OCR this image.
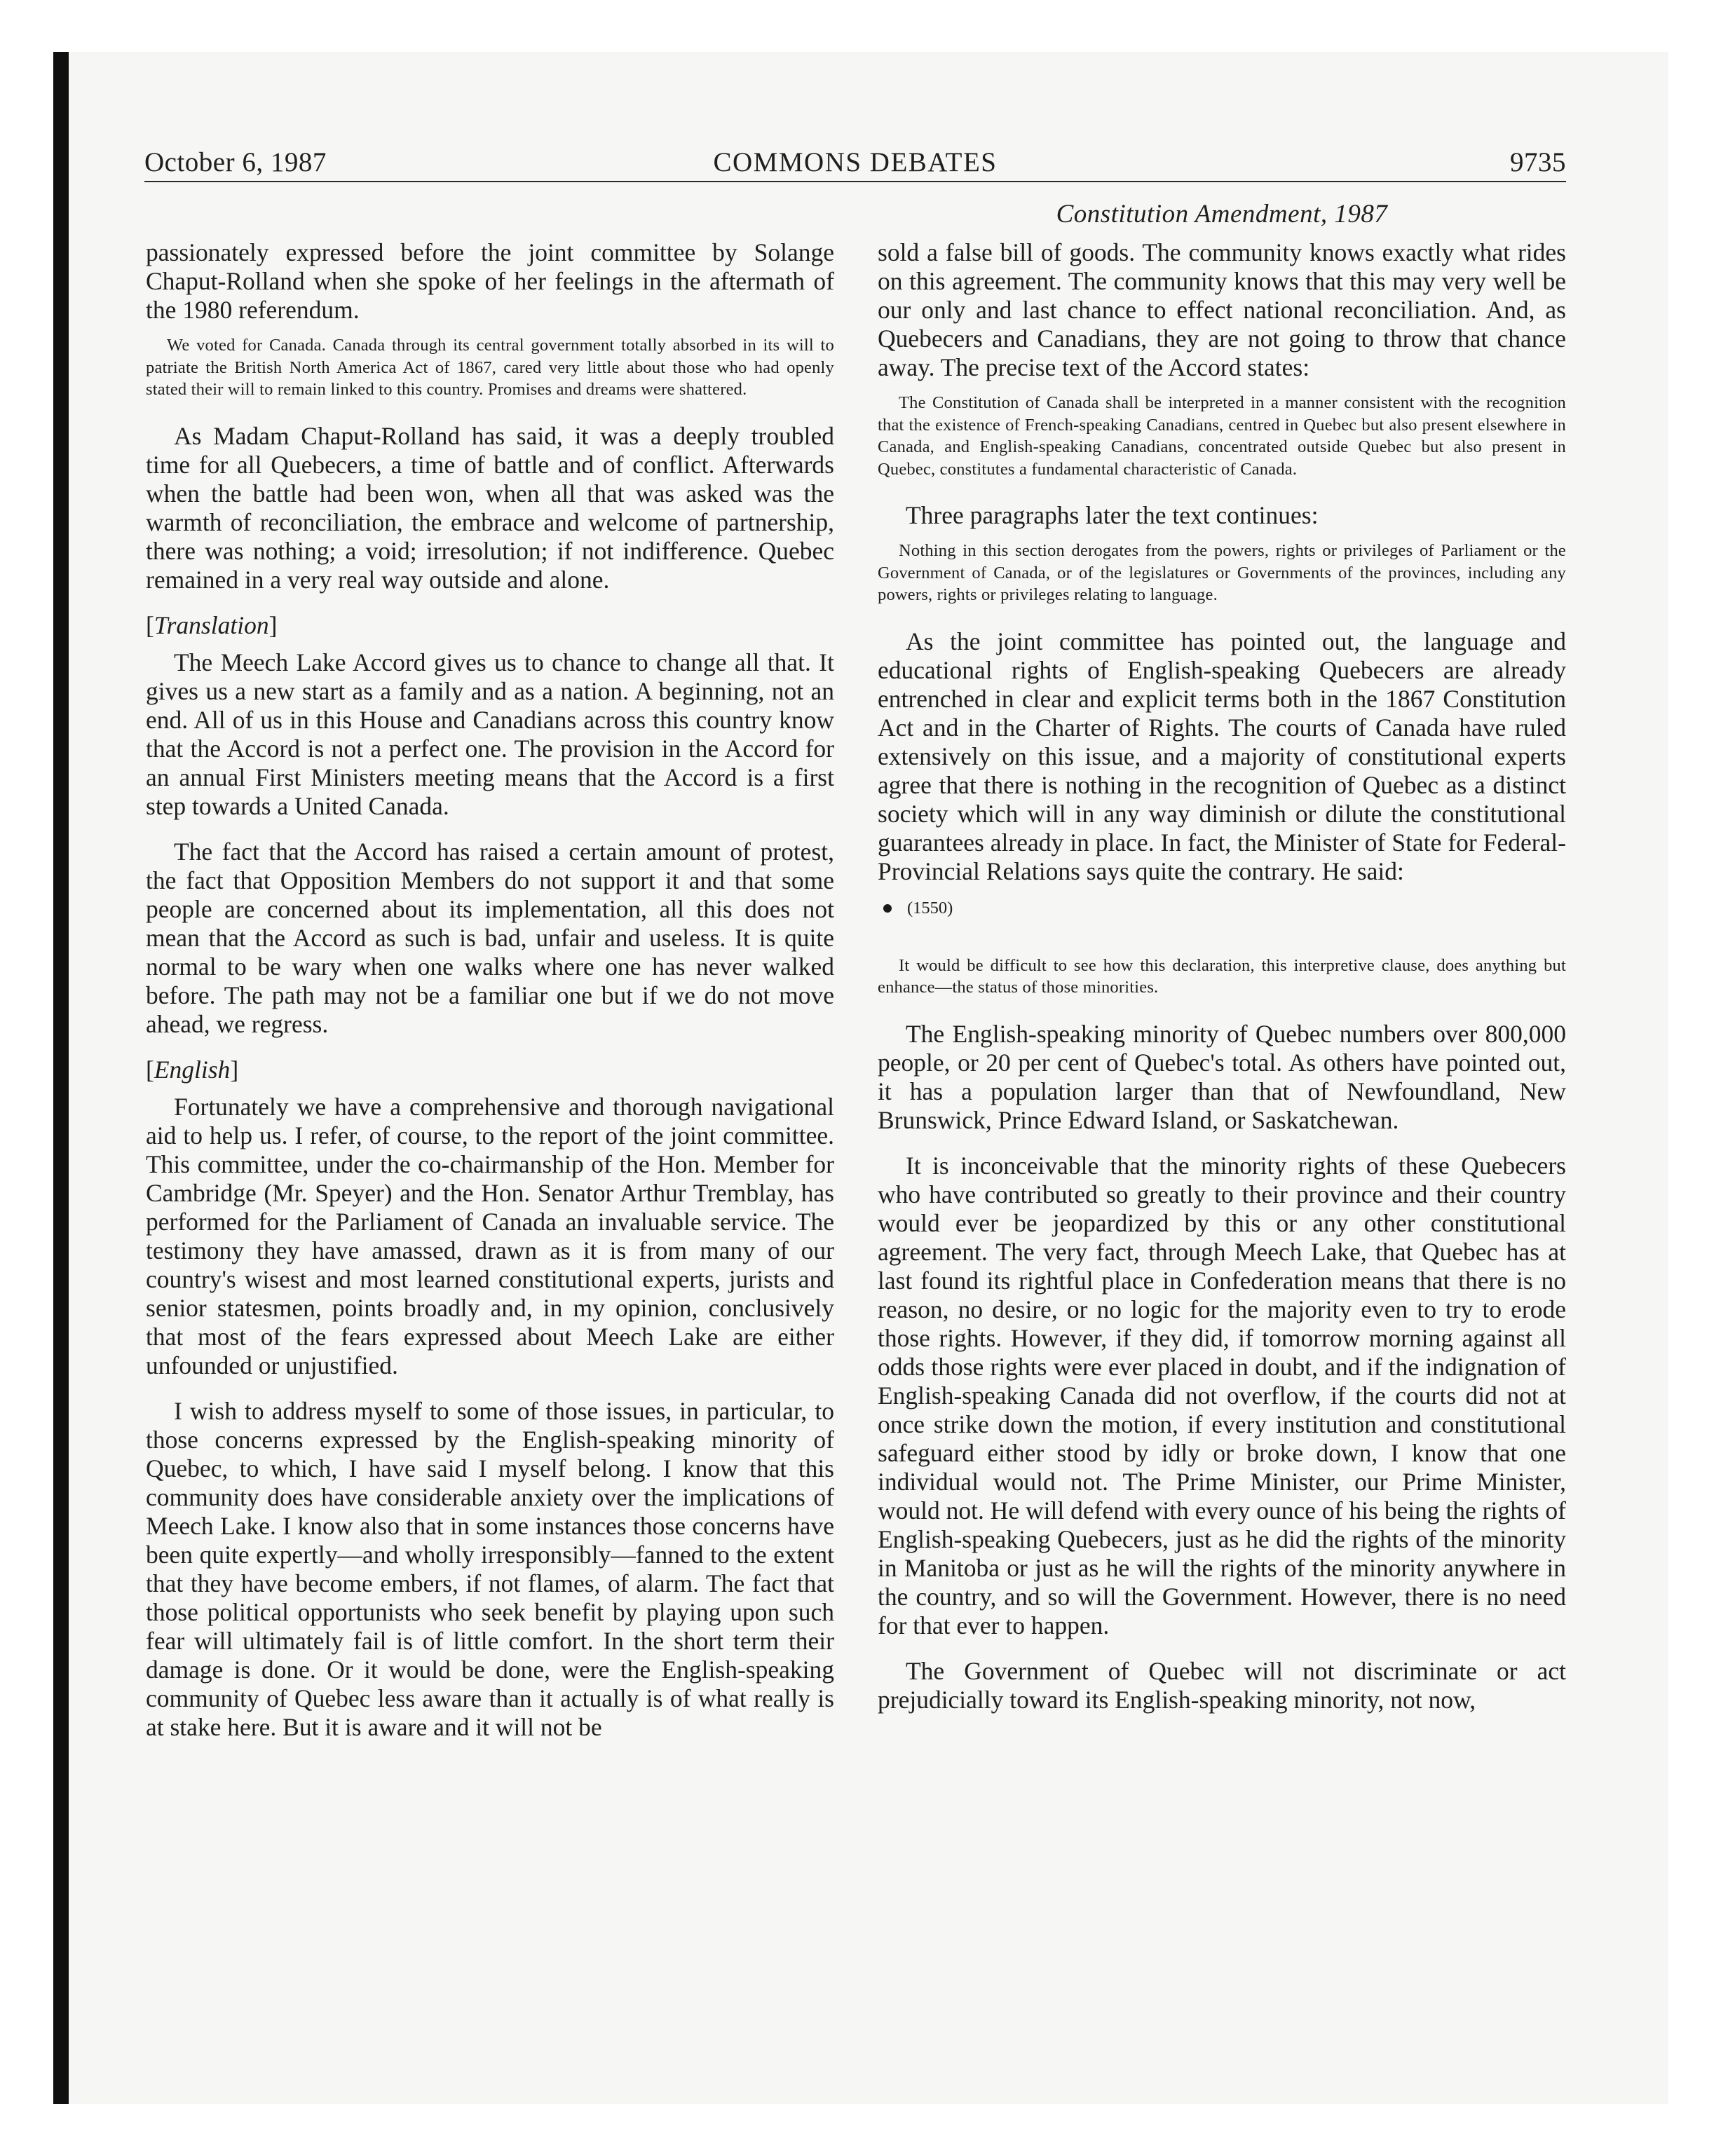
October 6, 1987	COMMONS DEBATES	9735
Constitution Amendment, 1987

passionately expressed before the joint committee by Solange Chaput-Rolland when she spoke of her feelings in the aftermath of the 1980 referendum.

We voted for Canada. Canada through its central government totally absorbed in its will to patriate the British North America Act of 1867, cared very little about those who had openly stated their will to remain linked to this country. Promises and dreams were shattered.

As Madam Chaput-Rolland has said, it was a deeply troubled time for all Quebecers, a time of battle and of conflict. Afterwards when the battle had been won, when all that was asked was the warmth of reconciliation, the embrace and welcome of partnership, there was nothing; a void; irresolution; if not indifference. Quebec remained in a very real way outside and alone.

[Translation]

The Meech Lake Accord gives us to chance to change all that. It gives us a new start as a family and as a nation. A beginning, not an end. All of us in this House and Canadians across this country know that the Accord is not a perfect one. The provision in the Accord for an annual First Ministers meeting means that the Accord is a first step towards a United Canada.

The fact that the Accord has raised a certain amount of protest, the fact that Opposition Members do not support it and that some people are concerned about its implementation, all this does not mean that the Accord as such is bad, unfair and useless. It is quite normal to be wary when one walks where one has never walked before. The path may not be a familiar one but if we do not move ahead, we regress.

[English]

Fortunately we have a comprehensive and thorough navigational aid to help us. I refer, of course, to the report of the joint committee. This committee, under the co-chairmanship of the Hon. Member for Cambridge (Mr. Speyer) and the Hon. Senator Arthur Tremblay, has performed for the Parliament of Canada an invaluable service. The testimony they have amassed, drawn as it is from many of our country's wisest and most learned constitutional experts, jurists and senior statesmen, points broadly and, in my opinion, conclusively that most of the fears expressed about Meech Lake are either unfounded or unjustified.

I wish to address myself to some of those issues, in particular, to those concerns expressed by the English-speaking minority of Quebec, to which, I have said I myself belong. I know that this community does have considerable anxiety over the implications of Meech Lake. I know also that in some instances those concerns have been quite expertly—and wholly irresponsibly—fanned to the extent that they have become embers, if not flames, of alarm. The fact that those political opportunists who seek benefit by playing upon such fear will ultimately fail is of little comfort. In the short term their damage is done. Or it would be done, were the English-speaking community of Quebec less aware than it actually is of what really is at stake here. But it is aware and it will not be

sold a false bill of goods. The community knows exactly what rides on this agreement. The community knows that this may very well be our only and last chance to effect national reconciliation. And, as Quebecers and Canadians, they are not going to throw that chance away. The precise text of the Accord states:

The Constitution of Canada shall be interpreted in a manner consistent with the recognition that the existence of French-speaking Canadians, centred in Quebec but also present elsewhere in Canada, and English-speaking Canadians, concentrated outside Quebec but also present in Quebec, constitutes a fundamental characteristic of Canada.

Three paragraphs later the text continues:

Nothing in this section derogates from the powers, rights or privileges of Parliament or the Government of Canada, or of the legislatures or Governments of the provinces, including any powers, rights or privileges relating to language.

As the joint committee has pointed out, the language and educational rights of English-speaking Quebecers are already entrenched in clear and explicit terms both in the 1867 Constitution Act and in the Charter of Rights. The courts of Canada have ruled extensively on this issue, and a majority of constitutional experts agree that there is nothing in the recognition of Quebec as a distinct society which will in any way diminish or dilute the constitutional guarantees already in place. In fact, the Minister of State for Federal-Provincial Relations says quite the contrary. He said:

(1550)
It would be difficult to see how this declaration, this interpretive clause, does anything but enhance—the status of those minorities.

The English-speaking minority of Quebec numbers over 800,000 people, or 20 per cent of Quebec's total. As others have pointed out, it has a population larger than that of Newfoundland, New Brunswick, Prince Edward Island, or Saskatchewan.

It is inconceivable that the minority rights of these Quebecers who have contributed so greatly to their province and their country would ever be jeopardized by this or any other constitutional agreement. The very fact, through Meech Lake, that Quebec has at last found its rightful place in Confederation means that there is no reason, no desire, or no logic for the majority even to try to erode those rights. However, if they did, if tomorrow morning against all odds those rights were ever placed in doubt, and if the indignation of English-speaking Canada did not overflow, if the courts did not at once strike down the motion, if every institution and constitutional safeguard either stood by idly or broke down, I know that one individual would not. The Prime Minister, our Prime Minister, would not. He will defend with every ounce of his being the rights of English-speaking Quebecers, just as he did the rights of the minority in Manitoba or just as he will the rights of the minority anywhere in the country, and so will the Government. However, there is no need for that ever to happen.

The Government of Quebec will not discriminate or act prejudicially toward its English-speaking minority, not now,
